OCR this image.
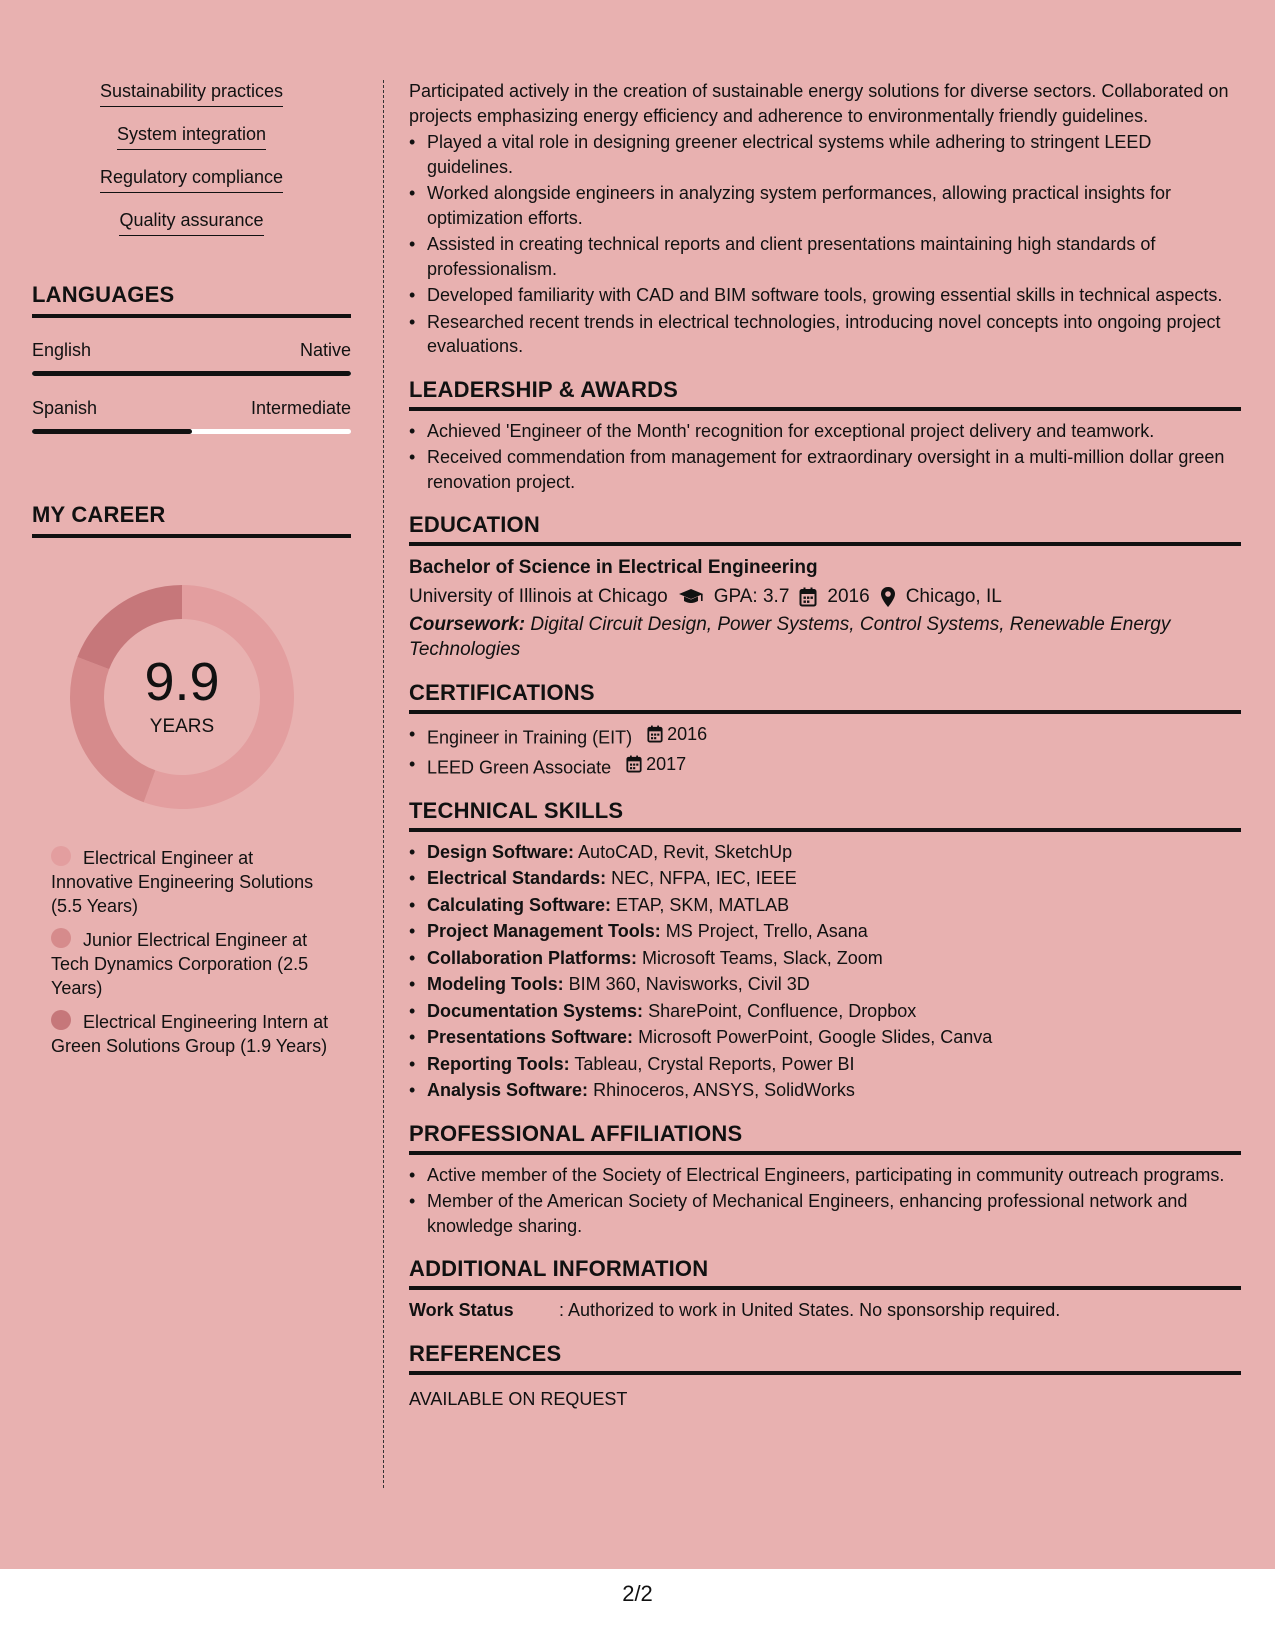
Sustainability practices
System integration
Regulatory compliance
Quality assurance
LANGUAGES
English	Native
Spanish	Intermediate
MY CAREER
9.9
YEARS
Electrical Engineer at Innovative Engineering Solutions (5.5 Years)
Junior Electrical Engineer at Tech Dynamics Corporation (2.5 Years)
Electrical Engineering Intern at Green Solutions Group (1.9 Years)

Participated actively in the creation of sustainable energy solutions for diverse sectors. Collaborated on projects emphasizing energy efficiency and adherence to environmentally friendly guidelines.

• Played a vital role in designing greener electrical systems while adhering to stringent LEED guidelines.
• Worked alongside engineers in analyzing system performances, allowing practical insights for optimization efforts.
• Assisted in creating technical reports and client presentations maintaining high standards of professionalism.
• Developed familiarity with CAD and BIM software tools, growing essential skills in technical aspects.
• Researched recent trends in electrical technologies, introducing novel concepts into ongoing project evaluations.
LEADERSHIP & AWARDS
• Achieved 'Engineer of the Month' recognition for exceptional project delivery and teamwork.
• Received commendation from management for extraordinary oversight in a multi-million dollar green renovation project.
EDUCATION
Bachelor of Science in Electrical Engineering
University of Illinois at Chicago GPA: 3.7 2016 Chicago, IL
Coursework: Digital Circuit Design, Power Systems, Control Systems, Renewable Energy Technologies
CERTIFICATIONS
• Engineer in Training (EIT) 2016
• LEED Green Associate 2017
TECHNICAL SKILLS
• Design Software: AutoCAD, Revit, SketchUp
• Electrical Standards: NEC, NFPA, IEC, IEEE
• Calculating Software: ETAP, SKM, MATLAB
• Project Management Tools: MS Project, Trello, Asana
• Collaboration Platforms: Microsoft Teams, Slack, Zoom
• Modeling Tools: BIM 360, Navisworks, Civil 3D
• Documentation Systems: SharePoint, Confluence, Dropbox
• Presentations Software: Microsoft PowerPoint, Google Slides, Canva
• Reporting Tools: Tableau, Crystal Reports, Power BI
• Analysis Software: Rhinoceros, ANSYS, SolidWorks
PROFESSIONAL AFFILIATIONS
• Active member of the Society of Electrical Engineers, participating in community outreach programs.
• Member of the American Society of Mechanical Engineers, enhancing professional network and knowledge sharing.
ADDITIONAL INFORMATION
Work Status	: Authorized to work in United States. No sponsorship required.
REFERENCES
AVAILABLE ON REQUEST
2/2
